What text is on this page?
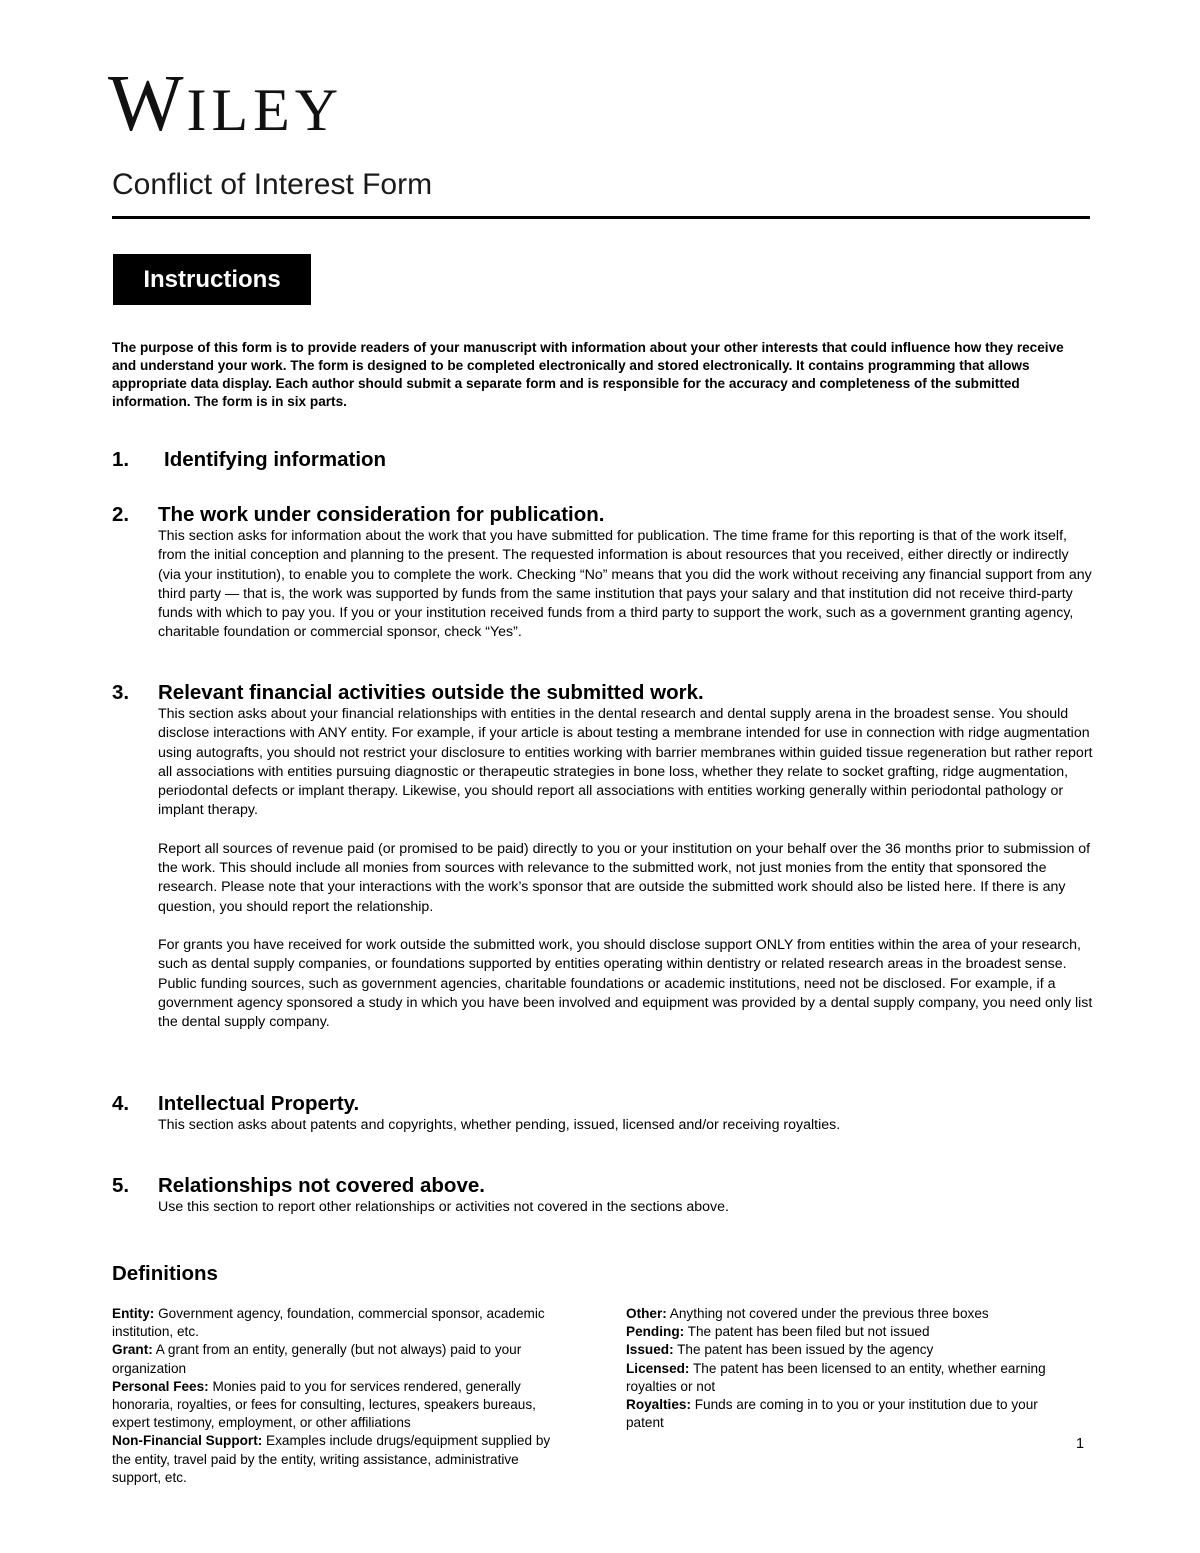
WILEY
Conflict of Interest Form
Instructions

The purpose of this form is to provide readers of your manuscript with information about your other interests that could influence how they receive and understand your work. The form is designed to be completed electronically and stored electronically. It contains programming that allows appropriate data display. Each author should submit a separate form and is responsible for the accuracy and completeness of the submitted information. The form is in six parts.

1.	Identifying information
2.	The work under consideration for publication.

This section asks for information about the work that you have submitted for publication. The time frame for this reporting is that of the work itself, from the initial conception and planning to the present. The requested information is about resources that you received, either directly or indirectly (via your institution), to enable you to complete the work. Checking “No” means that you did the work without receiving any financial support from any third party — that is, the work was supported by funds from the same institution that pays your salary and that institution did not receive third-party funds with which to pay you. If you or your institution received funds from a third party to support the work, such as a government granting agency, charitable foundation or commercial sponsor, check “Yes”.

3.	Relevant financial activities outside the submitted work.

This section asks about your financial relationships with entities in the dental research and dental supply arena in the broadest sense. You should disclose interactions with ANY entity. For example, if your article is about testing a membrane intended for use in connection with ridge augmentation using autografts, you should not restrict your disclosure to entities working with barrier membranes within guided tissue regeneration but rather report all associations with entities pursuing diagnostic or therapeutic strategies in bone loss, whether they relate to socket grafting, ridge augmentation, periodontal defects or implant therapy. Likewise, you should report all associations with entities working generally within periodontal pathology or implant therapy.

Report all sources of revenue paid (or promised to be paid) directly to you or your institution on your behalf over the 36 months prior to submission of the work. This should include all monies from sources with relevance to the submitted work, not just monies from the entity that sponsored the research. Please note that your interactions with the work’s sponsor that are outside the submitted work should also be listed here. If there is any question, you should report the relationship.

For grants you have received for work outside the submitted work, you should disclose support ONLY from entities within the area of your research, such as dental supply companies, or foundations supported by entities operating within dentistry or related research areas in the broadest sense. Public funding sources, such as government agencies, charitable foundations or academic institutions, need not be disclosed. For example, if a government agency sponsored a study in which you have been involved and equipment was provided by a dental supply company, you need only list the dental supply company.

4.	Intellectual Property.

This section asks about patents and copyrights, whether pending, issued, licensed and/or receiving royalties.

5.	Relationships not covered above.

Use this section to report other relationships or activities not covered in the sections above.

Definitions
Entity: Government agency, foundation, commercial sponsor, academic institution, etc.
Grant: A grant from an entity, generally (but not always) paid to your organization
Personal Fees: Monies paid to you for services rendered, generally honoraria, royalties, or fees for consulting, lectures, speakers bureaus, expert testimony, employment, or other affiliations
Non-Financial Support: Examples include drugs/equipment supplied by the entity, travel paid by the entity, writing assistance, administrative support, etc.
Other: Anything not covered under the previous three boxes
Pending: The patent has been filed but not issued
Issued: The patent has been issued by the agency
Licensed: The patent has been licensed to an entity, whether earning royalties or not
Royalties: Funds are coming in to you or your institution due to your patent
1
